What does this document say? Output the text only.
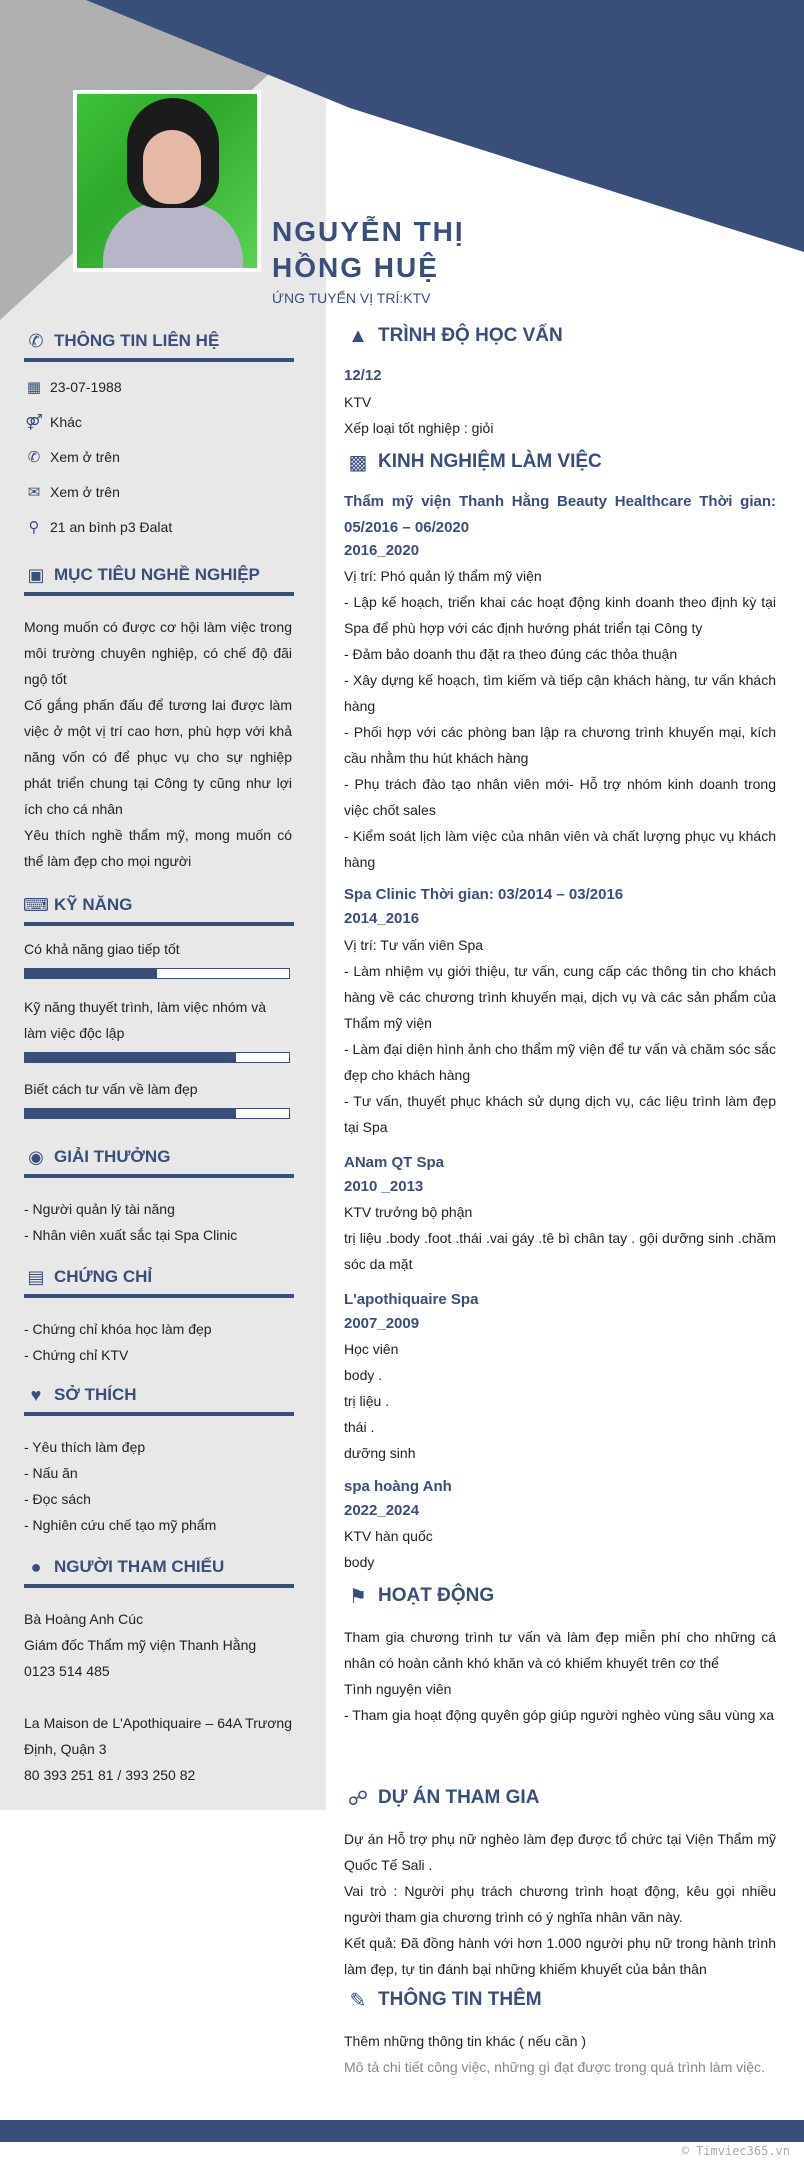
NGUYỄN THỊ
HỒNG HUỆ
ỨNG TUYỂN VỊ TRÍ:KTV
✆ THÔNG TIN LIÊN HỆ
▦ 23-07-1988
⚤ Khác
✆ Xem ở trên
✉ Xem ở trên
⚲ 21 an bình p3 Đalat
▣ MỤC TIÊU NGHỀ NGHIỆP
Mong muốn có được cơ hội làm việc trong môi trường chuyên nghiệp, có chế độ đãi ngộ tốt
Cố gắng phấn đấu để tương lai được làm việc ở một vị trí cao hơn, phù hợp với khả năng vốn có để phục vụ cho sự nghiệp phát triển chung tại Công ty cũng như lợi ích cho cá nhân
Yêu thích nghề thẩm mỹ, mong muốn có thể làm đẹp cho mọi người
⌨ KỸ NĂNG
Có khả năng giao tiếp tốt
Kỹ năng thuyết trình, làm việc nhóm và làm việc độc lập
Biết cách tư vấn về làm đẹp
◉ GIẢI THƯỞNG
- Người quản lý tài năng
- Nhân viên xuất sắc tại Spa Clinic
▤ CHỨNG CHỈ
- Chứng chỉ khóa học làm đẹp
- Chứng chỉ KTV
♥ SỞ THÍCH
- Yêu thích làm đẹp
- Nấu ăn
- Đọc sách
- Nghiên cứu chế tạo mỹ phẩm
● NGƯỜI THAM CHIẾU
Bà Hoàng Anh Cúc
Giám đốc Thẩm mỹ viện Thanh Hằng
0123 514 485
La Maison de L'Apothiquaire – 64A Trương Định, Quận 3
80 393 251 81 / 393 250 82
▲ TRÌNH ĐỘ HỌC VẤN
12/12
KTV
Xếp loại tốt nghiệp : giỏi
▩ KINH NGHIỆM LÀM VIỆC
Thẩm mỹ viện Thanh Hằng Beauty Healthcare Thời gian: 05/2016 – 06/2020
2016_2020
Vị trí: Phó quản lý thẩm mỹ viện
- Lập kế hoạch, triển khai các hoạt động kinh doanh theo định kỳ tại Spa để phù hợp với các định hướng phát triển tại Công ty
- Đảm bảo doanh thu đặt ra theo đúng các thỏa thuận
- Xây dựng kế hoạch, tìm kiếm và tiếp cận khách hàng, tư vấn khách hàng
- Phối hợp với các phòng ban lập ra chương trình khuyến mại, kích cầu nhằm thu hút khách hàng
- Phụ trách đào tạo nhân viên mới- Hỗ trợ nhóm kinh doanh trong việc chốt sales
- Kiểm soát lịch làm việc của nhân viên và chất lượng phục vụ khách hàng
Spa Clinic Thời gian: 03/2014 – 03/2016
2014_2016
Vị trí: Tư vấn viên Spa
- Làm nhiệm vụ giới thiệu, tư vấn, cung cấp các thông tin cho khách hàng về các chương trình khuyến mại, dịch vụ và các sản phẩm của Thẩm mỹ viện
- Làm đại diện hình ảnh cho thẩm mỹ viện để tư vấn và chăm sóc sắc đẹp cho khách hàng
- Tư vấn, thuyết phục khách sử dụng dịch vụ, các liệu trình làm đẹp tại Spa
ANam QT Spa
2010 _2013
KTV trưởng bộ phận
trị liệu .body .foot .thái .vai gáy .tê bì chân tay . gội dưỡng sinh .chăm sóc da mặt
L'apothiquaire Spa
2007_2009
Học viên
body .
trị liệu .
thái .
dưỡng sinh
spa hoàng Anh
2022_2024
KTV hàn quốc
body
⚑ HOẠT ĐỘNG
Tham gia chương trình tư vấn và làm đẹp miễn phí cho những cá nhân có hoàn cảnh khó khăn và có khiếm khuyết trên cơ thể
Tình nguyện viên
- Tham gia hoạt động quyên góp giúp người nghèo vùng sâu vùng xa
☍ DỰ ÁN THAM GIA
Dự án Hỗ trợ phụ nữ nghèo làm đẹp được tổ chức tại Viện Thẩm mỹ Quốc Tế Sali .
Vai trò : Người phụ trách chương trình hoạt động, kêu gọi nhiều người tham gia chương trình có ý nghĩa nhân văn này.
Kết quả: Đã đồng hành với hơn 1.000 người phụ nữ trong hành trình làm đẹp, tự tin đánh bại những khiếm khuyết của bản thân
✎ THÔNG TIN THÊM
Thêm những thông tin khác ( nếu cần )
Mô tả chi tiết công việc, những gì đạt được trong quá trình làm việc.
© Timviec365.vn
